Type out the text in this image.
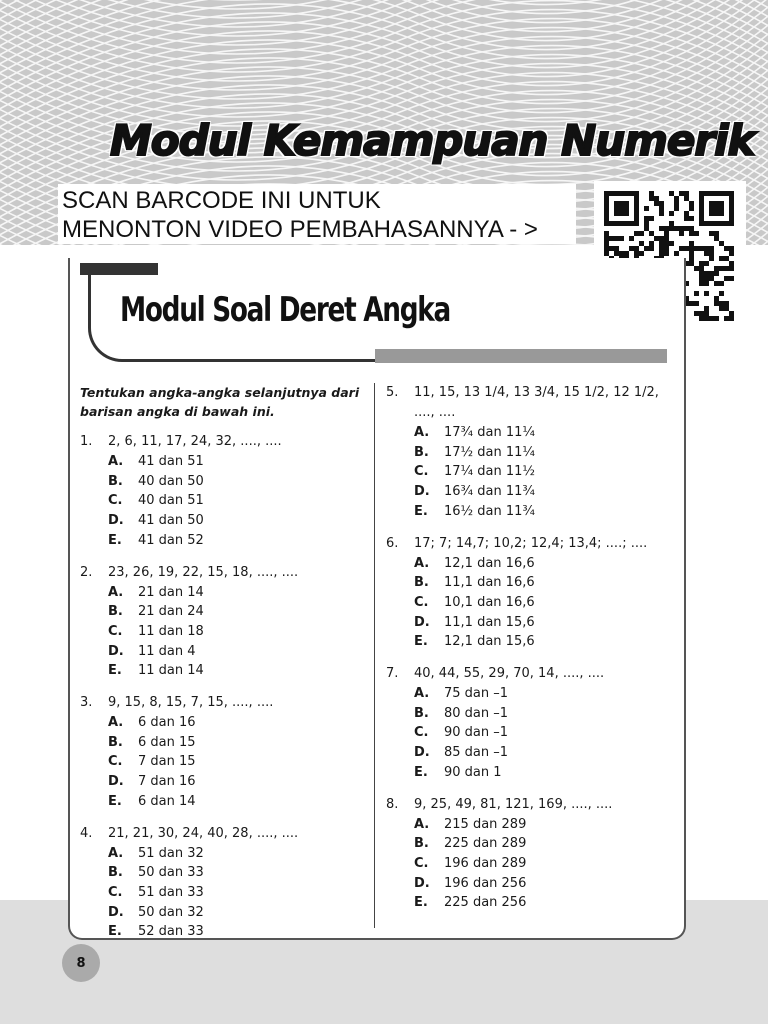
Modul Kemampuan Numerik
SCAN BARCODE INI UNTUK
MENONTON VIDEO PEMBAHASANNYA - >
Modul Soal Deret Angka
Tentukan angka-angka selanjutnya dari barisan angka di bawah ini.
1.	2, 6, 11, 17, 24, 32, ...., ....
A.	41 dan 51
B.	40 dan 50
C.	40 dan 51
D.	41 dan 50
E.	41 dan 52
2.	23, 26, 19, 22, 15, 18, ...., ....
A.	21 dan 14
B.	21 dan 24
C.	11 dan 18
D.	11 dan 4
E.	11 dan 14
3.	9, 15, 8, 15, 7, 15, ...., ....
A.	6 dan 16
B.	6 dan 15
C.	7 dan 15
D.	7 dan 16
E.	6 dan 14
4.	21, 21, 30, 24, 40, 28, ...., ....
A.	51 dan 32
B.	50 dan 33
C.	51 dan 33
D.	50 dan 32
E.	52 dan 33
5.	11, 15, 13 1/4, 13 3/4, 15 1/2, 12 1/2, ...., ....
A.	17¾ dan 11¼
B.	17½ dan 11¼
C.	17¼ dan 11½
D.	16¾ dan 11¾
E.	16½ dan 11¾
6.	17; 7; 14,7; 10,2; 12,4; 13,4; ....; ....
A.	12,1 dan 16,6
B.	11,1 dan 16,6
C.	10,1 dan 16,6
D.	11,1 dan 15,6
E.	12,1 dan 15,6
7.	40, 44, 55, 29, 70, 14, ...., ....
A.	75 dan –1
B.	80 dan –1
C.	90 dan –1
D.	85 dan –1
E.	90 dan 1
8.	9, 25, 49, 81, 121, 169, ...., ....
A.	215 dan 289
B.	225 dan 289
C.	196 dan 289
D.	196 dan 256
E.	225 dan 256
8
